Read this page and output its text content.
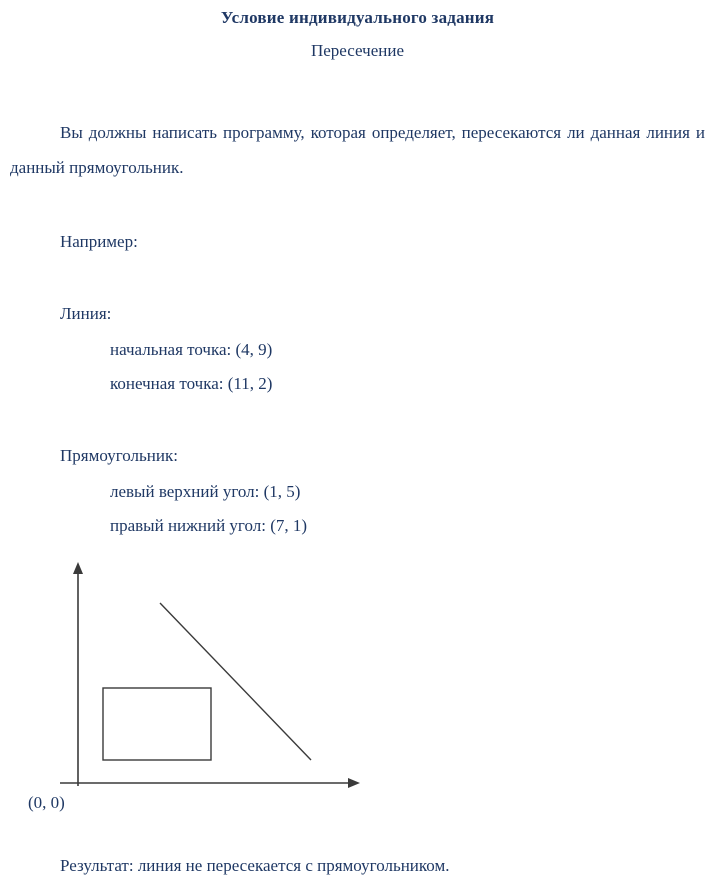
Условие индивидуального задания
Пересечение
Вы должны написать программу, которая определяет, пересекаются ли данная линия и данный прямоугольник.
Например:
Линия:
начальная точка: (4, 9)
конечная точка: (11, 2)
Прямоугольник:
левый верхний угол: (1, 5)
правый нижний угол: (7, 1)
(0, 0)
Результат: линия не пересекается с прямоугольником.
